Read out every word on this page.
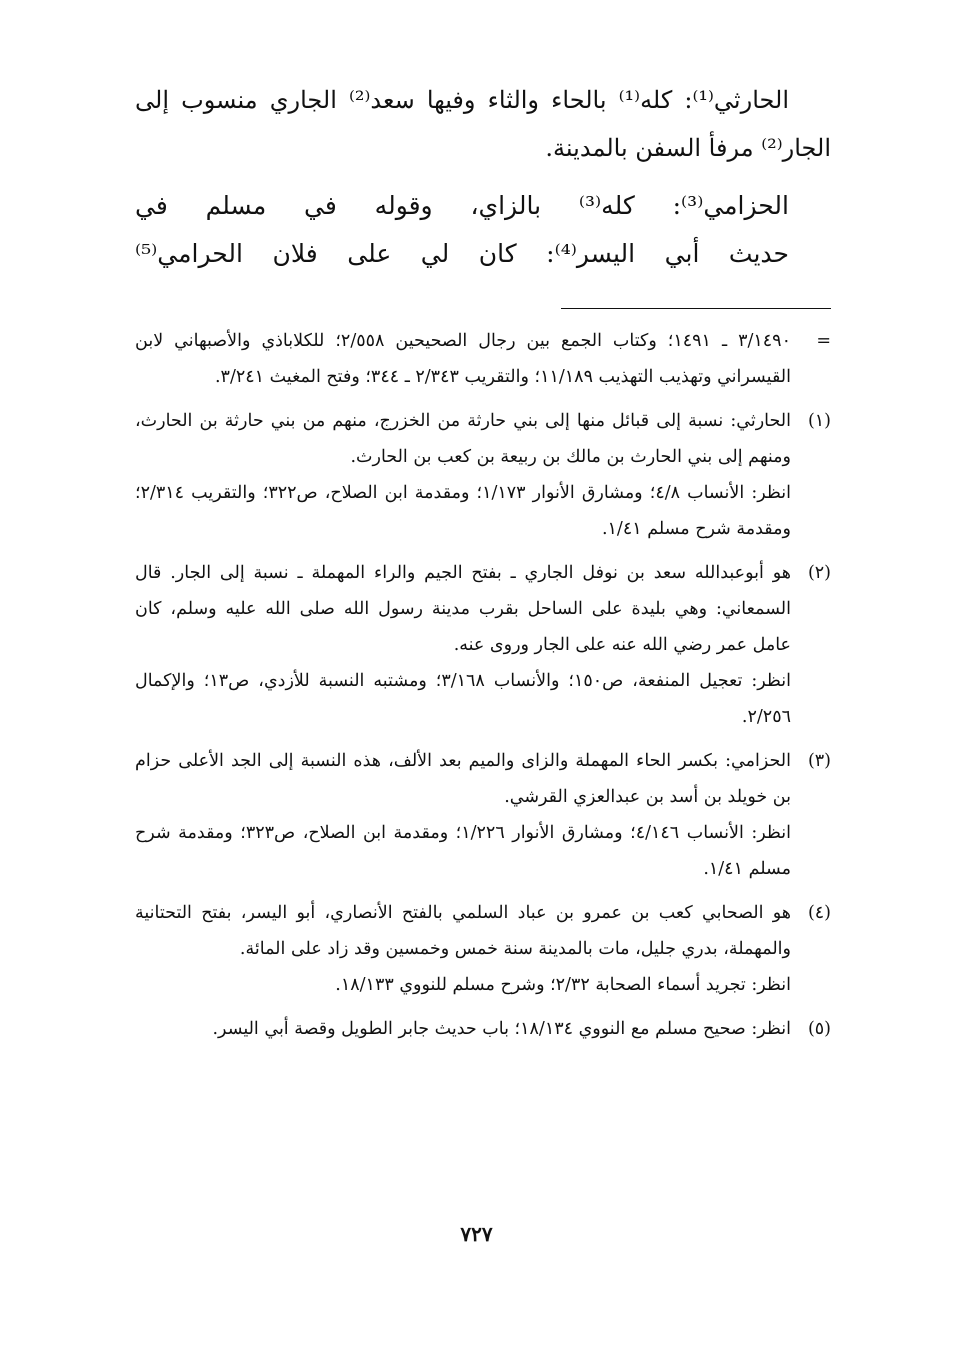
الحارثي⁽¹⁾: كله⁽¹⁾ بالحاء والثاء وفيها سعد⁽²⁾ الجاري منسوب إلى الجار⁽²⁾ مرفأ السفن بالمدينة.

الحزامي⁽³⁾: كله⁽³⁾ بالزاي، وقوله في مسلم في
حديث أبي اليسر⁽⁴⁾: كان لي على فلان الحرامي⁽⁵⁾

=
٣/١٤٩٠ ـ ١٤٩١؛ وكتاب الجمع بين رجال الصحيحين ٢/٥٥٨؛ للكلاباذي والأصبهاني لابن القيسراني وتهذيب التهذيب ١١/١٨٩؛ والتقريب ٢/٣٤٣ ـ ٣٤٤؛ وفتح المغيث ٣/٢٤١.
(١)
الحارثي: نسبة إلى قبائل منها إلى بني حارثة من الخزرج، منهم من بني حارثة بن الحارث، ومنهم إلى بني الحارث بن مالك بن ربيعة بن كعب بن الحارث.
انظر: الأنساب ٤/٨؛ ومشارق الأنوار ١/١٧٣؛ ومقدمة ابن الصلاح، ص٣٢٢؛ والتقريب ٢/٣١٤؛ ومقدمة شرح مسلم ١/٤١.
(٢)
هو أبوعبدالله سعد بن نوفل الجاري ـ بفتح الجيم والراء المهملة ـ نسبة إلى الجار. قال السمعاني: وهي بليدة على الساحل بقرب مدينة رسول الله صلى الله عليه وسلم، كان عامل عمر رضي الله عنه على الجار وروى عنه.
انظر: تعجيل المنفعة، ص١٥٠؛ والأنساب ٣/١٦٨؛ ومشتبه النسبة للأزدي، ص١٣؛ والإكمال ٢/٢٥٦.
(٣)
الحزامي: بكسر الحاء المهملة والزاى والميم بعد الألف، هذه النسبة إلى الجد الأعلى حزام بن خويلد بن أسد بن عبدالعزي القرشي.
انظر: الأنساب ٤/١٤٦؛ ومشارق الأنوار ١/٢٢٦؛ ومقدمة ابن الصلاح، ص٣٢٣؛ ومقدمة شرح مسلم ١/٤١.
(٤)
هو الصحابي كعب بن عمرو بن عباد السلمي بالفتح الأنصاري، أبو اليسر، بفتح التحتانية والمهملة، بدري جليل، مات بالمدينة سنة خمس وخمسين وقد زاد على المائة.
انظر: تجريد أسماء الصحابة ٢/٣٢؛ وشرح مسلم للنووي ١٨/١٣٣.
(٥)
انظر: صحيح مسلم مع النووي ١٨/١٣٤؛ باب حديث جابر الطويل وقصة أبي اليسر.
٧٢٧
